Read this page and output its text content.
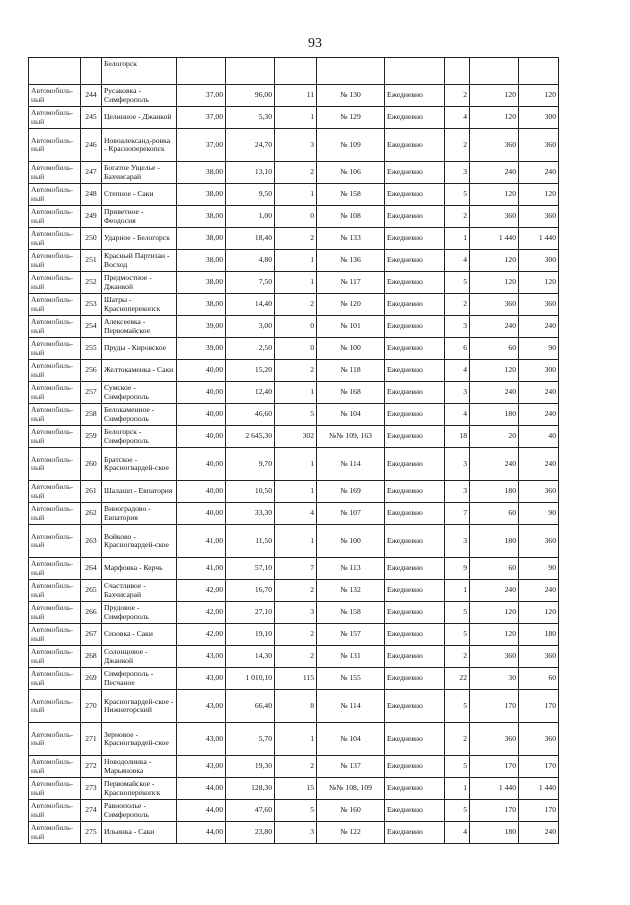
93
		Белогорск								
Автомобиль-ный	244	Русаковка - Симферополь	37,00	96,00	11	№ 130	Ежедневно	2	120	120
Автомобиль-ный	245	Целинное - Джанкой	37,00	5,30	1	№ 129	Ежедневно	4	120	300
Автомобиль-ный	246	Новоалександ-ровка - Красноперекопск	37,00	24,70	3	№ 109	Ежедневно	2	360	360
Автомобиль-ный	247	Богатое Ущелье - Бахчисарай	38,00	13,10	2	№ 106	Ежедневно	3	240	240
Автомобиль-ный	248	Степное - Саки	38,00	9,50	1	№ 158	Ежедневно	5	120	120
Автомобиль-ный	249	Приветное - Феодосия	38,00	1,00	0	№ 108	Ежедневно	2	360	360
Автомобиль-ный	250	Ударное - Белогорск	38,00	18,40	2	№ 133	Ежедневно	1	1 440	1 440
Автомобиль-ный	251	Красный Партизан - Восход	38,00	4,80	1	№ 136	Ежедневно	4	120	300
Автомобиль-ный	252	Предмостное - Джанкой	38,00	7,50	1	№ 117	Ежедневно	5	120	120
Автомобиль-ный	253	Шатры - Красноперекопск	38,00	14,40	2	№ 120	Ежедневно	2	360	360
Автомобиль-ный	254	Алексеевка - Первомайское	39,00	3,00	0	№ 101	Ежедневно	3	240	240
Автомобиль-ный	255	Пруды - Кировское	39,00	2,50	0	№ 100	Ежедневно	6	60	90
Автомобиль-ный	256	Желтокаменка - Саки	40,00	15,20	2	№ 118	Ежедневно	4	120	300
Автомобиль-ный	257	Сумское - Симферополь	40,00	12,40	1	№ 168	Ежедневно	3	240	240
Автомобиль-ный	258	Белокаменное - Симферополь	40,00	46,60	5	№ 104	Ежедневно	4	180	240
Автомобиль-ный	259	Белогорск - Симферополь	40,00	2 645,30	302	№№ 109, 163	Ежедневно	18	20	40
Автомобиль-ный	260	Братское - Красногвардей-ское	40,00	9,70	1	№ 114	Ежедневно	3	240	240
Автомобиль-ный	261	Шалашп - Евпатория	40,00	10,50	1	№ 169	Ежедневно	3	180	360
Автомобиль-ный	262	Виноградово - Евпатория	40,00	33,30	4	№ 107	Ежедневно	7	60	90
Автомобиль-ный	263	Войково - Красногвардей-ское	41,00	11,50	1	№ 100	Ежедневно	3	180	360
Автомобиль-ный	264	Марфовка - Керчь	41,00	57,10	7	№ 113	Ежедневно	9	60	90
Автомобиль-ный	265	Счастливое - Бахчисарай	42,00	16,70	2	№ 132	Ежедневно	1	240	240
Автомобиль-ный	266	Прудовое - Симферополь	42,00	27,10	3	№ 158	Ежедневно	5	120	120
Автомобиль-ный	267	Сизовка - Саки	42,00	19,10	2	№ 157	Ежедневно	5	120	180
Автомобиль-ный	268	Солонцовое - Джанкой	43,00	14,30	2	№ 131	Ежедневно	2	360	360
Автомобиль-ный	269	Симферополь - Песчаное	43,00	1 010,10	115	№ 155	Ежедневно	22	30	60
Автомобиль-ный	270	Красногвардей-ское - Нижнегорский	43,00	66,40	8	№ 114	Ежедневно	5	170	170
Автомобиль-ный	271	Зерновое - Красногвардей-ское	43,00	5,70	1	№ 104	Ежедневно	2	360	360
Автомобиль-ный	272	Новодолинка - Марьяновка	43,00	19,30	2	№ 137	Ежедневно	5	170	170
Автомобиль-ный	273	Первомайское - Красноперекопск	44,00	128,30	15	№№ 108, 109	Ежедневно	1	1 440	1 440
Автомобиль-ный	274	Равнополье - Симферополь	44,00	47,60	5	№ 160	Ежедневно	5	170	170
Автомобиль-ный	275	Ильинка - Саки	44,00	23,80	3	№ 122	Ежедневно	4	180	240
